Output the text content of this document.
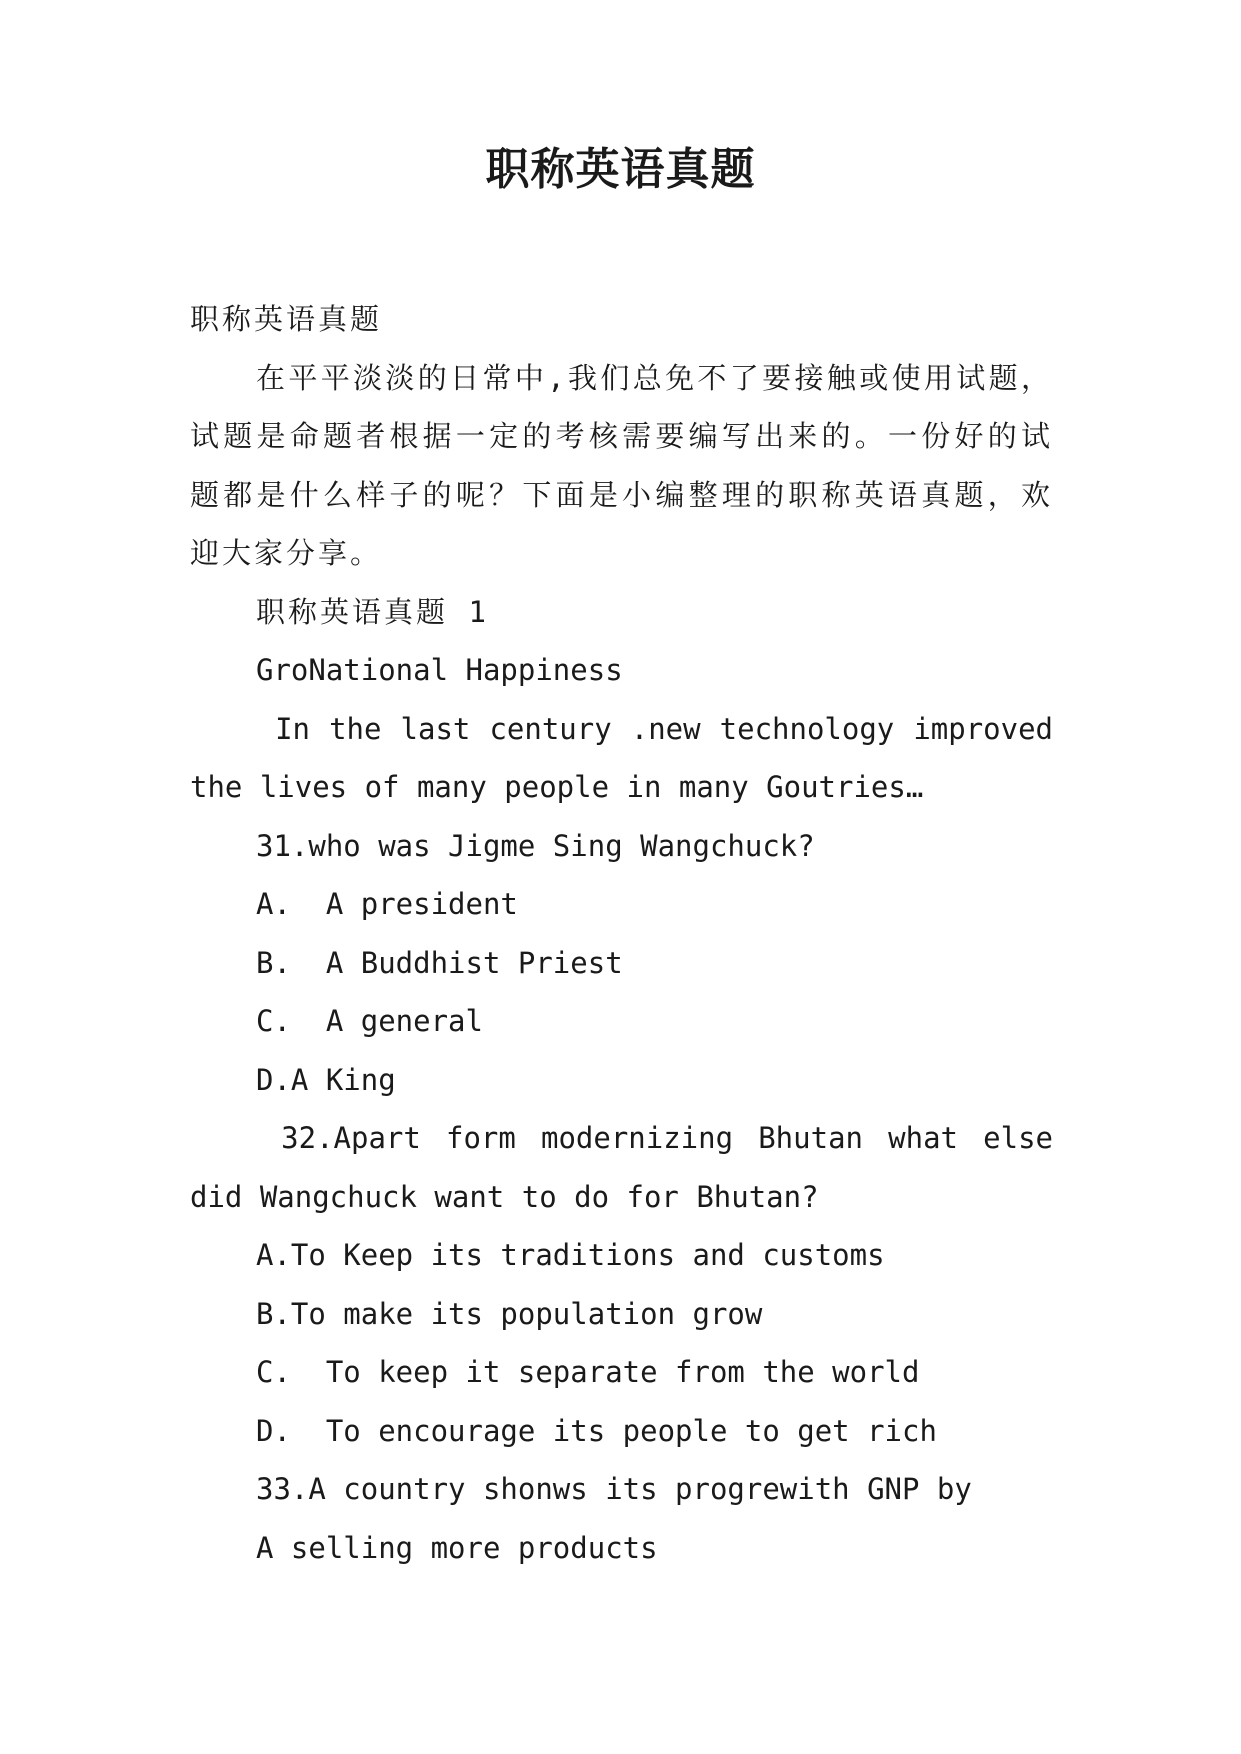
职称英语真题

职称英语真题

在平平淡淡的日常中,我们总免不了要接触或使用试题，试题是命题者根据一定的考核需要编写出来的。一份好的试题都是什么样子的呢？下面是小编整理的职称英语真题，欢迎大家分享。

职称英语真题 1

GroNational Happiness

In the last century .new technology improved the lives of many people in many Goutries…

31.who was Jigme Sing Wangchuck?

A.  A president

B.  A Buddhist Priest

C.  A general

D.A King

32.Apart form modernizing Bhutan what else did Wangchuck want to do for Bhutan?

A.To Keep its traditions and customs

B.To make its population grow

C.  To keep it separate from the world

D.  To encourage its people to get rich

33.A country shonws its progrewith GNP by

A selling more products
